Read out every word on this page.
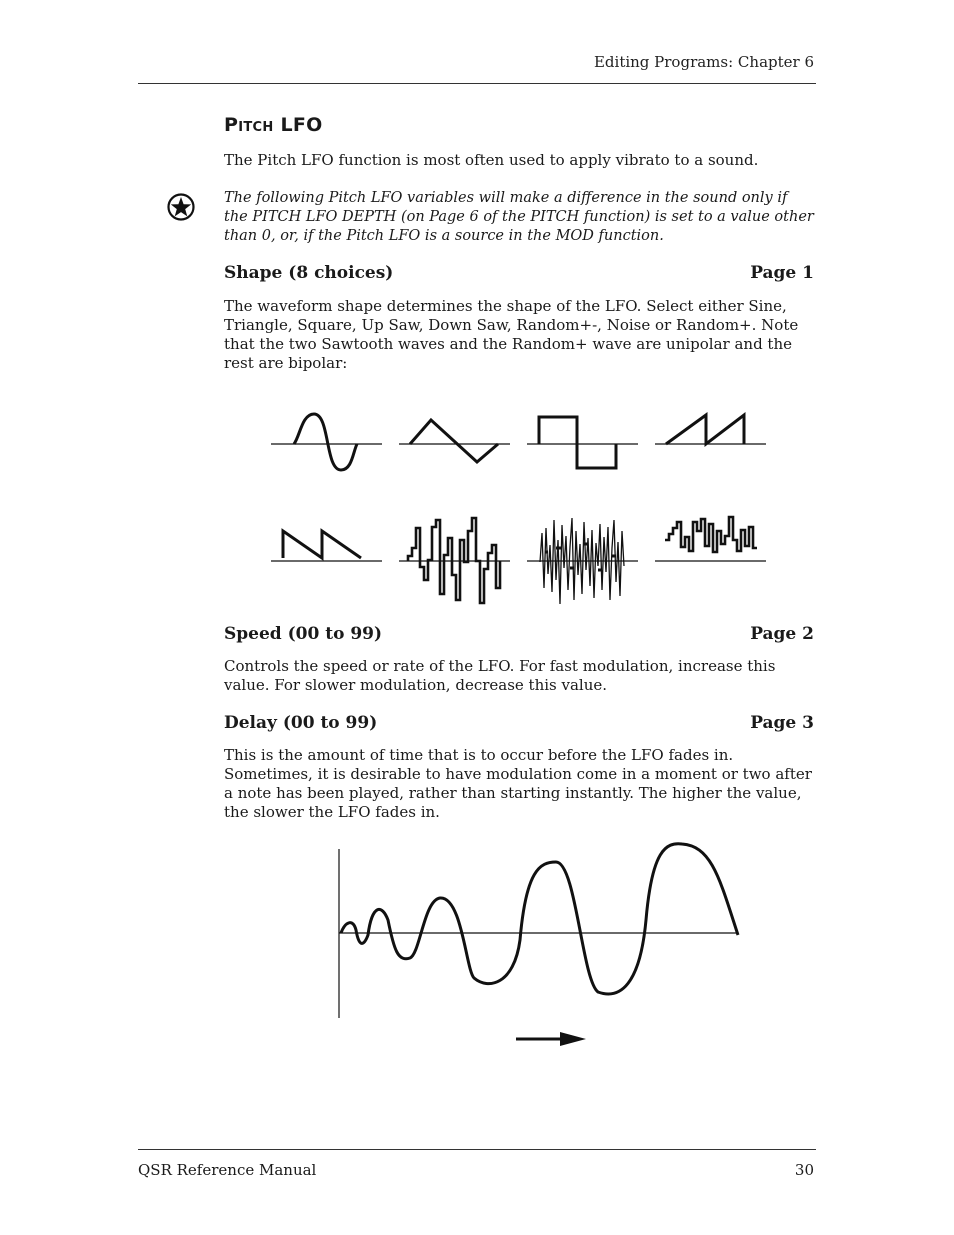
Editing Programs: Chapter 6
Pitch LFO

The Pitch LFO function is most often used to apply vibrato to a sound.

The following Pitch LFO variables will make a difference in the sound only if the PITCH LFO DEPTH (on Page 6 of the PITCH function) is set to a value other than 0, or, if the Pitch LFO is a source in the MOD function.

Shape (8 choices)	Page 1

The waveform shape determines the shape of the LFO. Select either Sine, Triangle, Square, Up Saw, Down Saw, Random+-, Noise or Random+. Note that the two Sawtooth waves and the Random+ wave are unipolar and the rest are bipolar:

Speed (00 to 99)	Page 2

Controls the speed or rate of the LFO. For fast modulation, increase this value. For slower modulation, decrease this value.

Delay (00 to 99)	Page 3

This is the amount of time that is to occur before the LFO fades in. Sometimes, it is desirable to have modulation come in a moment or two after a note has been played, rather than starting instantly. The higher the value, the slower the LFO fades in.

QSR Reference Manual	30
